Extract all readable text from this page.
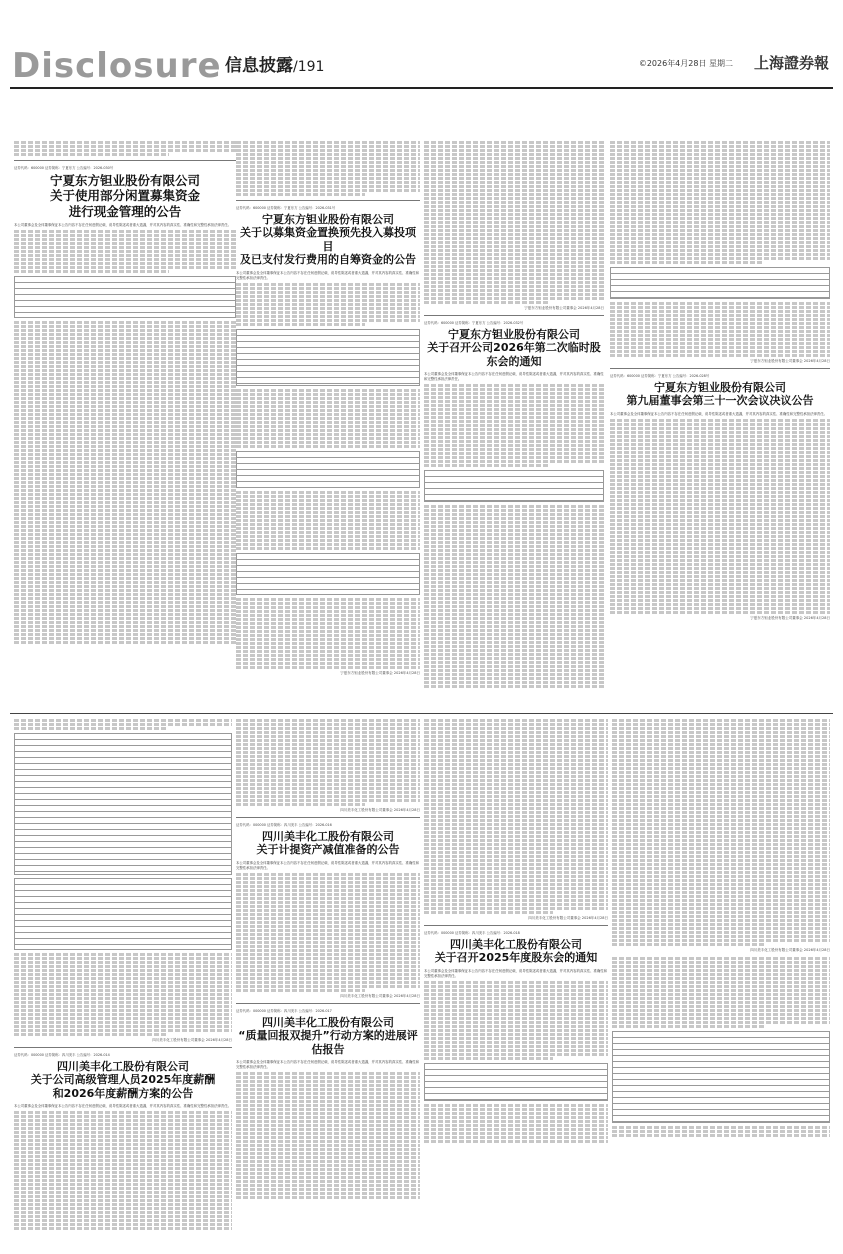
Disclosure 信息披露/191	©2026年4月28日 星期二 上海證券報
证券代码：600000 证券简称：宁夏东方 公告编号：2026-030号
宁夏东方钽业股份有限公司
关于使用部分闲置募集资金
进行现金管理的公告
本公司董事会及全体董事保证本公告内容不存在任何虚假记载、误导性陈述或者重大遗漏，并对其内容的真实性、准确性和完整性承担法律责任。
证券代码：600000 证券简称：宁夏东方 公告编号：2026-031号
宁夏东方钽业股份有限公司
关于以募集资金置换预先投入募投项目
及已支付发行费用的自筹资金的公告
本公司董事会及全体董事保证本公告内容不存在任何虚假记载、误导性陈述或者重大遗漏，并对其内容的真实性、准确性和完整性承担法律责任。
宁夏东方钽业股份有限公司董事会 2026年4月28日
宁夏东方钽业股份有限公司董事会 2026年4月28日
证券代码：600000 证券简称：宁夏东方 公告编号：2026-032号
宁夏东方钽业股份有限公司
关于召开公司2026年第二次临时股东会的通知
本公司董事会及全体董事保证本公告内容不存在任何虚假记载、误导性陈述或者重大遗漏，并对其内容的真实性、准确性和完整性承担法律责任。
宁夏东方钽业股份有限公司董事会 2026年4月28日
证券代码：600000 证券简称：宁夏东方 公告编号：2026-028号
宁夏东方钽业股份有限公司
第九届董事会第三十一次会议决议公告
本公司董事会及全体董事保证本公告内容不存在任何虚假记载、误导性陈述或者重大遗漏，并对其内容的真实性、准确性和完整性承担法律责任。
宁夏东方钽业股份有限公司董事会 2026年4月28日
四川美丰化工股份有限公司董事会 2026年4月28日
证券代码：000000 证券简称：四川美丰 公告编号：2026-014
四川美丰化工股份有限公司
关于公司高级管理人员2025年度薪酬
和2026年度薪酬方案的公告
本公司董事会及全体董事保证本公告内容不存在任何虚假记载、误导性陈述或者重大遗漏，并对其内容的真实性、准确性和完整性承担法律责任。
四川美丰化工股份有限公司董事会 2026年4月28日
证券代码：000000 证券简称：四川美丰 公告编号：2026-016
四川美丰化工股份有限公司
关于计提资产减值准备的公告
本公司董事会及全体董事保证本公告内容不存在任何虚假记载、误导性陈述或者重大遗漏，并对其内容的真实性、准确性和完整性承担法律责任。
四川美丰化工股份有限公司董事会 2026年4月28日
证券代码：000000 证券简称：四川美丰 公告编号：2026-017
四川美丰化工股份有限公司
“质量回报双提升”行动方案的进展评估报告
本公司董事会及全体董事保证本公告内容不存在任何虚假记载、误导性陈述或者重大遗漏，并对其内容的真实性、准确性和完整性承担法律责任。
四川美丰化工股份有限公司董事会 2026年4月28日
证券代码：000000 证券简称：四川美丰 公告编号：2026-018
四川美丰化工股份有限公司
关于召开2025年度股东会的通知
本公司董事会及全体董事保证本公告内容不存在任何虚假记载、误导性陈述或者重大遗漏，并对其内容的真实性、准确性和完整性承担法律责任。
四川美丰化工股份有限公司董事会 2026年4月28日
